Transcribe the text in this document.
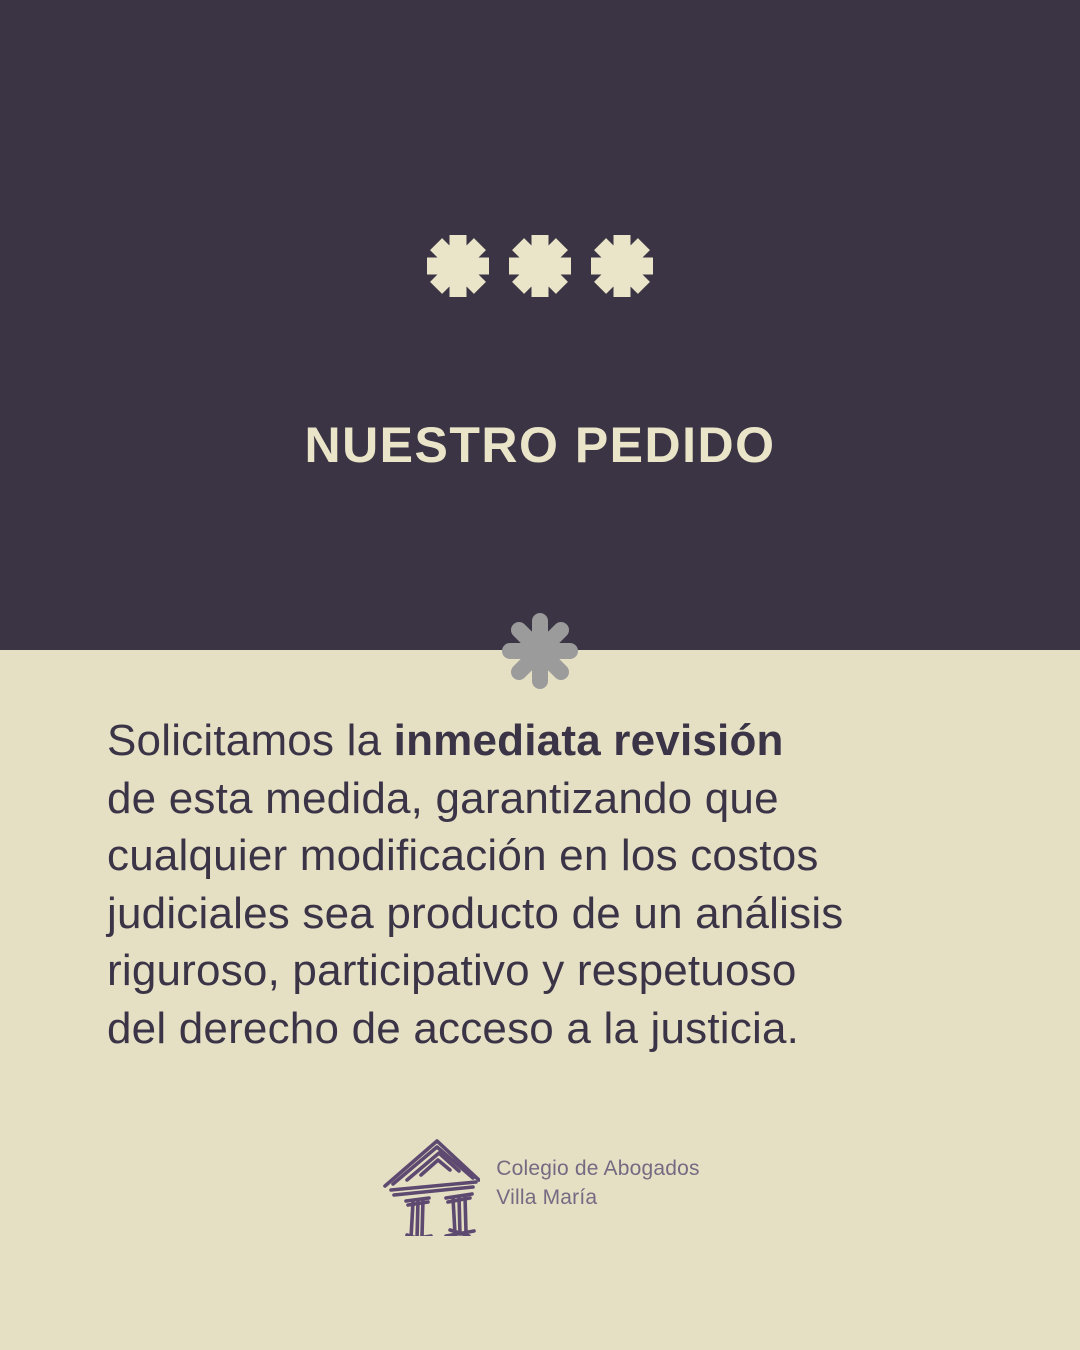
NUESTRO PEDIDO
Solicitamos la inmediata revisión
de esta medida, garantizando que
cualquier modificación en los costos
judiciales sea producto de un análisis
riguroso, participativo y respetuoso
del derecho de acceso a la justicia.
Colegio de Abogados
Villa María
